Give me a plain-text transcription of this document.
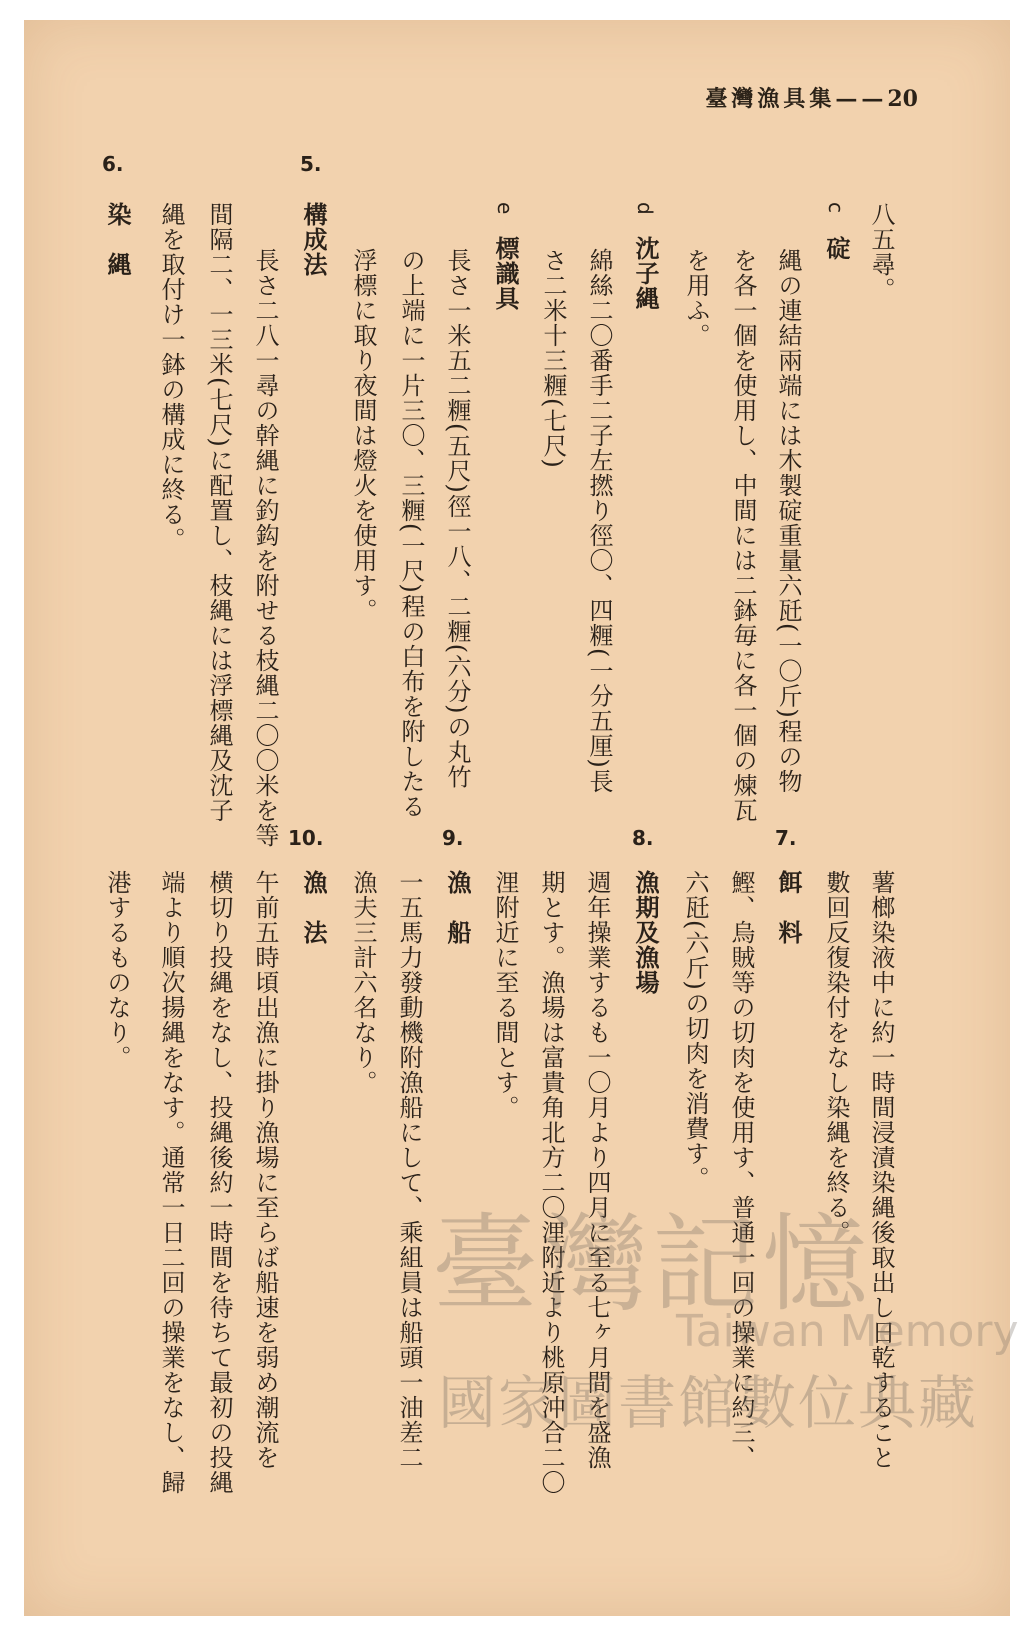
臺灣漁具集——20
八五尋。
c
碇
縄の連結兩端には木製碇重量六瓩(一〇斤)程の物
を各一個を使用し、中間には二鉢毎に各一個の煉瓦
を用ふ。
d
沈子縄
綿絲二〇番手二子左撚り徑〇、四糎(一分五厘)長
さ二米十三糎(七尺)
e
標識具
長さ一米五二糎(五尺)徑一八、二糎(六分)の丸竹
の上端に一片三〇、三糎(一尺)程の白布を附したる
浮標に取り夜間は燈火を使用す。
5.
構成法
長さ二八一尋の幹縄に釣鈎を附せる枝縄二〇〇米を等
間隔二、一三米(七尺)に配置し、枝縄には浮標縄及沈子
縄を取付け一鉢の構成に終る。
6.
染　縄
薯榔染液中に約一時間浸漬染縄後取出し日乾すること
數回反復染付をなし染縄を終る。
7.
餌　料
鰹、烏賊等の切肉を使用す、普通一回の操業に約三、
六瓩(六斤)の切肉を消費す。
8.
漁期及漁場
週年操業するも一〇月より四月に至る七ヶ月間を盛漁
期とす。漁場は富貴角北方二〇浬附近より桃原沖合二〇
浬附近に至る間とす。
9.
漁　船
一五馬力發動機附漁船にして、乘組員は船頭一油差二
漁夫三計六名なり。
10.
漁　法
午前五時頃出漁に掛り漁場に至らば船速を弱め潮流を
横切り投縄をなし、投縄後約一時間を待ちて最初の投縄
端より順次揚縄をなす。通常一日二回の操業をなし、歸
港するものなり。
臺灣記憶
Taiwan Memory
國家圖書館數位典藏
